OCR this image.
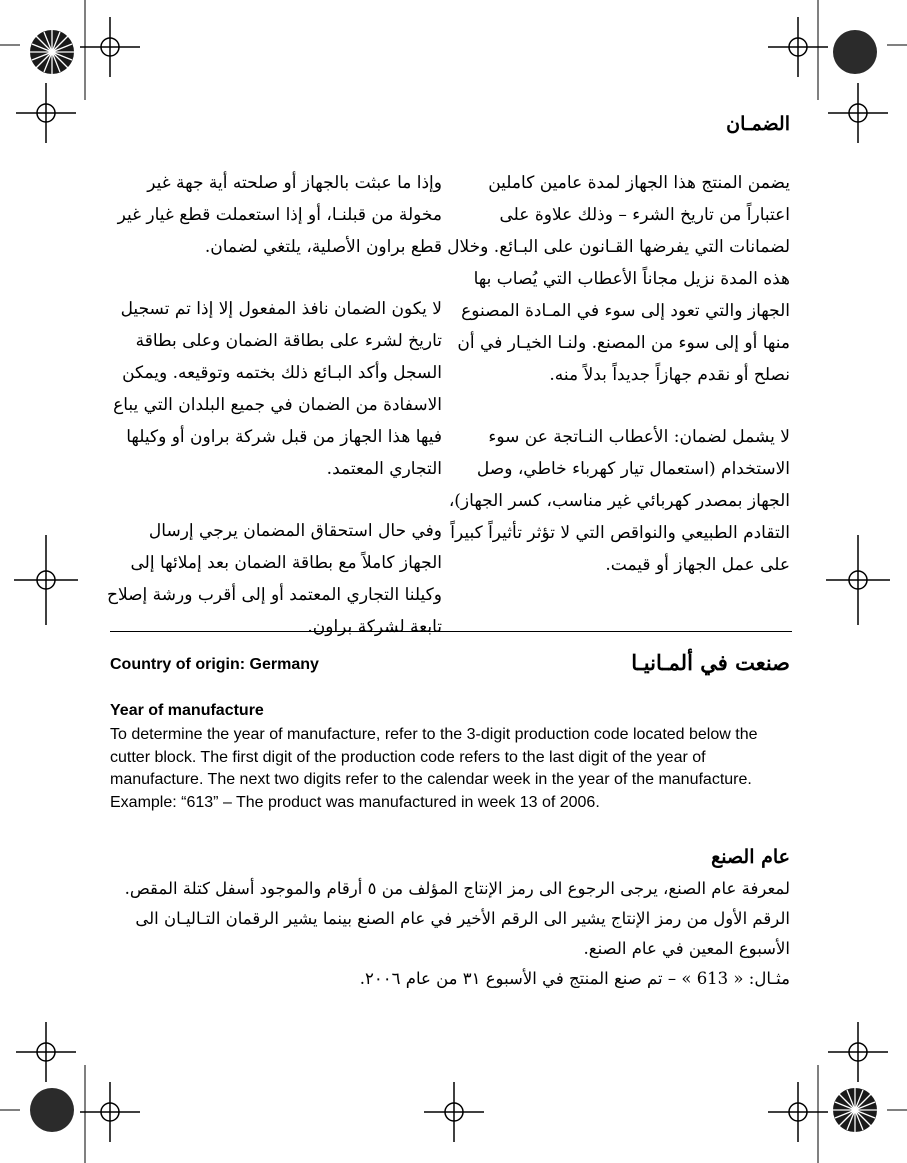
الضمـان

يضمن المنتج هذا الجهاز لمدة عامين كاملين اعتباراً من تاريخ الشرء – وذلك علاوة على لضمانات التي يفرضها القـانون على البـائع. وخلال هذه المدة نزيل مجاناً الأعطاب التي يُصاب بها الجهاز والتي تعود إلى سوء في المـادة المصنوع منها أو إلى سوء من المصنع. ولنـا الخيـار في أن نصلح أو نقدم جهازاً جديداً بدلاً منه.

لا يشمل لضمان: الأعطاب النـاتجة عن سوء الاستخدام (استعمال تيار كهرباء خاطي، وصل الجهاز بمصدر كهربائي غير مناسب، كسر الجهاز)، التقادم الطبيعي والنواقص التي لا تؤثر تأثيراً كبيراً على عمل الجهاز أو قيمت.

وإذا ما عبثت بالجهاز أو صلحته أية جهة غير مخولة من قبلنـا، أو إذا استعملت قطع غيار غير قطع براون الأصلية، يلتغي لضمان.

لا يكون الضمان نافذ المفعول إلا إذا تم تسجيل تاريخ لشرء على بطاقة الضمان وعلى بطاقة السجل وأكد البـائع ذلك بختمه وتوقيعه. ويمكن الاسفادة من الضمان في جميع البلدان التي يباع فيها هذا الجهاز من قبل شركة براون أو وكيلها التجاري المعتمد.

وفي حال استحقاق المضمان يرجي إرسال الجهاز كاملاً مع بطاقة الضمان بعد إملائها إلى وكيلنا التجاري المعتمد أو إلى أقرب ورشة إصلاح تابعة لشركة براون.

Country of origin: Germany	صنعت في ألمـانيـا
Year of manufacture

To determine the year of manufacture, refer to the 3-digit production code located below the cutter block. The first digit of the production code refers to the last digit of the year of manufacture. The next two digits refer to the calendar week in the year of the manufacture.

Example: “613” – The product was manufactured in week 13 of 2006.

عام الصنع

لمعرفة عام الصنع، يرجى الرجوع الى رمز الإنتاج المؤلف من ٥ أرقام والموجود أسفل كتلة المقص. الرقم الأول من رمز الإنتاج يشير الى الرقم الأخير في عام الصنع بينما يشير الرقمان التـاليـان الى الأسبوع المعين في عام الصنع.

مثـال: « 613 » – تم صنع المنتج في الأسبوع ٣١ من عام ٢٠٠٦.
